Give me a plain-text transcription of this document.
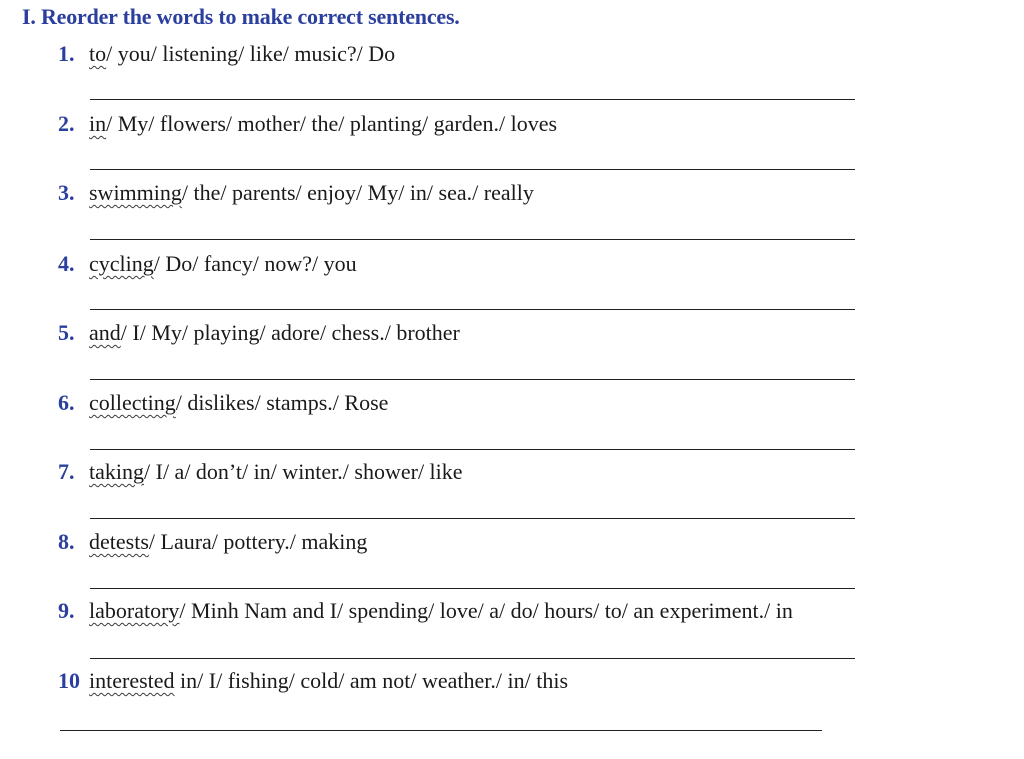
I. Reorder the words to make correct sentences.
1. to/ you/ listening/ like/ music?/ Do
2. in/ My/ flowers/ mother/ the/ planting/ garden./ loves
3. swimming/ the/ parents/ enjoy/ My/ in/ sea./ really
4. cycling/ Do/ fancy/ now?/ you
5. and/ I/ My/ playing/ adore/ chess./ brother
6. collecting/ dislikes/ stamps./ Rose
7. taking/ I/ a/ don’t/ in/ winter./ shower/ like
8. detests/ Laura/ pottery./ making
9. laboratory/ Minh Nam and I/ spending/ love/ a/ do/ hours/ to/ an experiment./ in
10 interested in/ I/ fishing/ cold/ am not/ weather./ in/ this
